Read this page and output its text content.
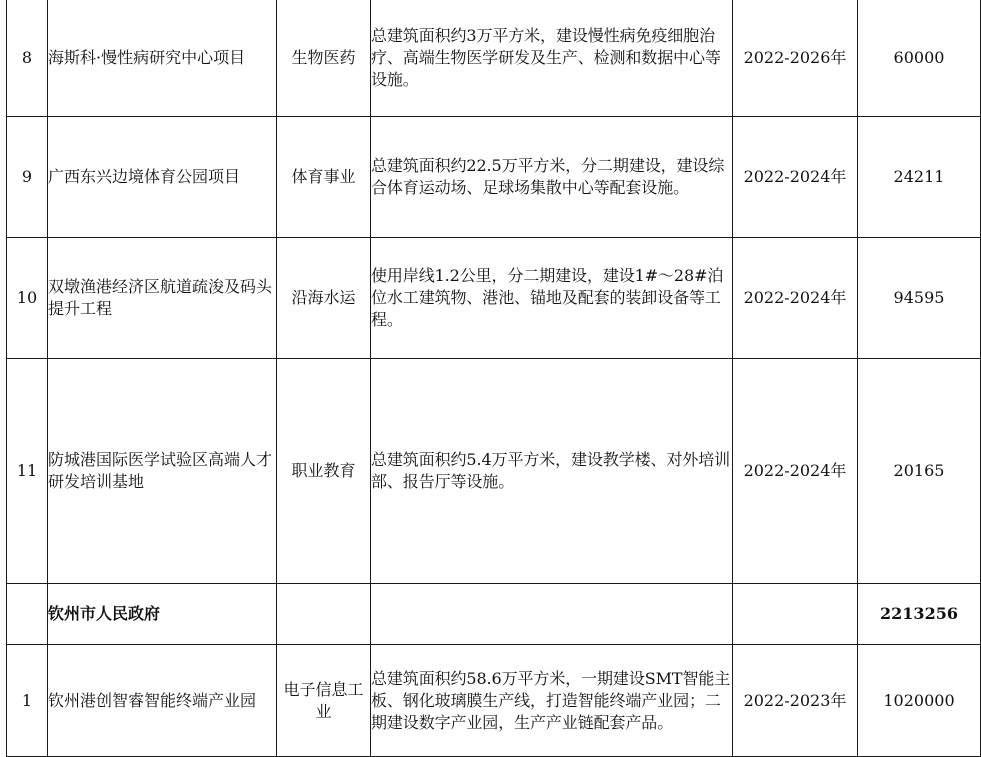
8	海斯科·慢性病研究中心项目	生物医药	总建筑面积约3万平方米，建设慢性病免疫细胞治疗、高端生物医学研发及生产、检测和数据中心等设施。	2022-2026年	60000
9	广西东兴边境体育公园项目	体育事业	总建筑面积约22.5万平方米，分二期建设，建设综合体育运动场、足球场集散中心等配套设施。	2022-2024年	24211
10	双墩渔港经济区航道疏浚及码头提升工程	沿海水运	使用岸线1.2公里，分二期建设，建设1#～28#泊位水工建筑物、港池、锚地及配套的装卸设备等工程。	2022-2024年	94595
11	防城港国际医学试验区高端人才研发培训基地	职业教育	总建筑面积约5.4万平方米，建设教学楼、对外培训部、报告厅等设施。	2022-2024年	20165
	钦州市人民政府				2213256
1	钦州港创智睿智能终端产业园	电子信息工业	总建筑面积约58.6万平方米，一期建设SMT智能主板、钢化玻璃膜生产线，打造智能终端产业园；二期建设数字产业园，生产产业链配套产品。	2022-2023年	1020000
